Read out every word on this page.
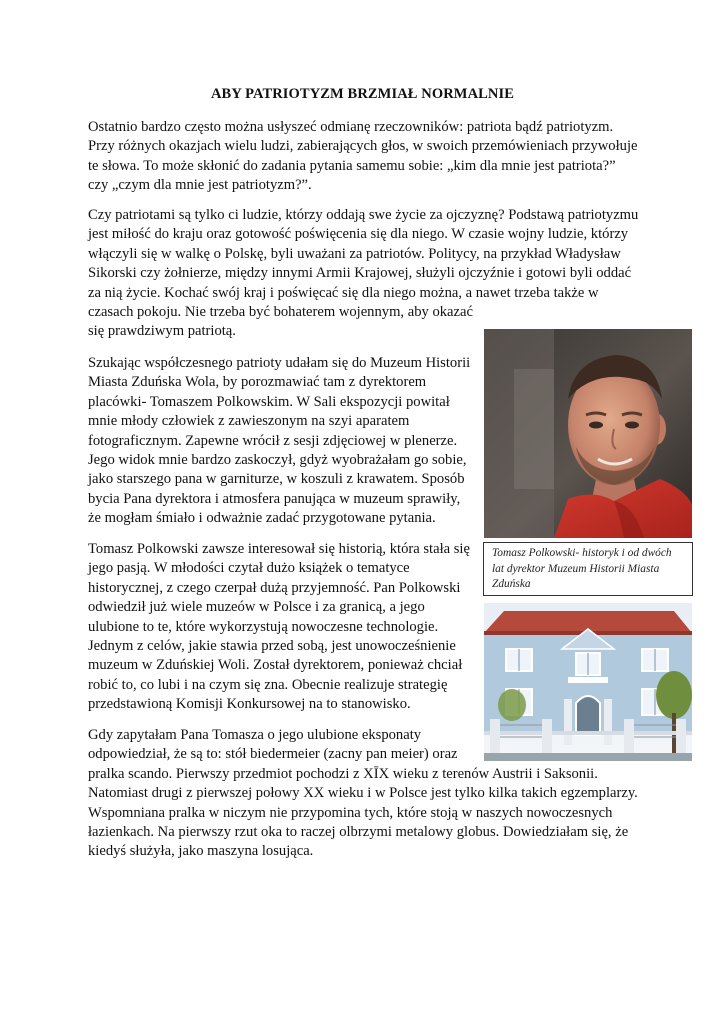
ABY PATRIOTYZM BRZMIAŁ NORMALNIE

Ostatnio bardzo często można usłyszeć odmianę rzeczowników: patriota bądź patriotyzm.
Przy różnych okazjach wielu ludzi, zabierających głos, w swoich przemówieniach przywołuje
te słowa. To może skłonić do zadania pytania samemu sobie: „kim dla mnie jest patriota?”
czy „czym dla mnie jest patriotyzm?”.

Czy patriotami są tylko ci ludzie, którzy oddają swe życie za ojczyznę? Podstawą patriotyzmu
jest miłość do kraju oraz gotowość poświęcenia się dla niego. W czasie wojny ludzie, którzy
włączyli się w walkę o Polskę, byli uważani za patriotów. Politycy, na przykład Władysław
Sikorski czy żołnierze, między innymi Armii Krajowej, służyli ojczyźnie i gotowi byli oddać
za nią życie. Kochać swój kraj i poświęcać się dla niego można, a nawet trzeba także w
czasach pokoju. Nie trzeba być bohaterem wojennym, aby okazać
się prawdziwym patriotą.

Szukając współczesnego patrioty udałam się do Muzeum Historii
Miasta Zduńska Wola, by porozmawiać tam z dyrektorem
placówki- Tomaszem Polkowskim. W Sali ekspozycji powitał
mnie młody człowiek z zawieszonym na szyi aparatem
fotograficznym. Zapewne wrócił z sesji zdjęciowej w plenerze.
Jego widok mnie bardzo zaskoczył, gdyż wyobrażałam go sobie,
jako starszego pana w garniturze, w koszuli z krawatem. Sposób
bycia Pana dyrektora i atmosfera panująca w muzeum sprawiły,
że mogłam śmiało i odważnie zadać przygotowane pytania.

Tomasz Polkowski zawsze interesował się historią, która stała się
jego pasją. W młodości czytał dużo książek o tematyce
historycznej, z czego czerpał dużą przyjemność. Pan Polkowski
odwiedził już wiele muzeów w Polsce i za granicą, a jego
ulubione to te, które wykorzystują nowoczesne technologie.
Jednym z celów, jakie stawia przed sobą, jest unowocześnienie
muzeum w Zduńskiej Woli. Został dyrektorem, ponieważ chciał
robić to, co lubi i na czym się zna. Obecnie realizuje strategię
przedstawioną Komisji Konkursowej na to stanowisko.

Gdy zapytałam Pana Tomasza o jego ulubione eksponaty
odpowiedział, że są to: stół biedermeier (zacny pan meier) oraz
pralka scando. Pierwszy przedmiot pochodzi z XĪX wieku z terenów Austrii i Saksonii.
Natomiast drugi z pierwszej połowy XX wieku i w Polsce jest tylko kilka takich egzemplarzy.
Wspomniana pralka w niczym nie przypomina tych, które stoją w naszych nowoczesnych
łazienkach. Na pierwszy rzut oka to raczej olbrzymi metalowy globus. Dowiedziałam się, że
kiedyś służyła, jako maszyna losująca.

Tomasz Polkowski- historyk i od dwóch
lat dyrektor Muzeum Historii Miasta
Zduńska
